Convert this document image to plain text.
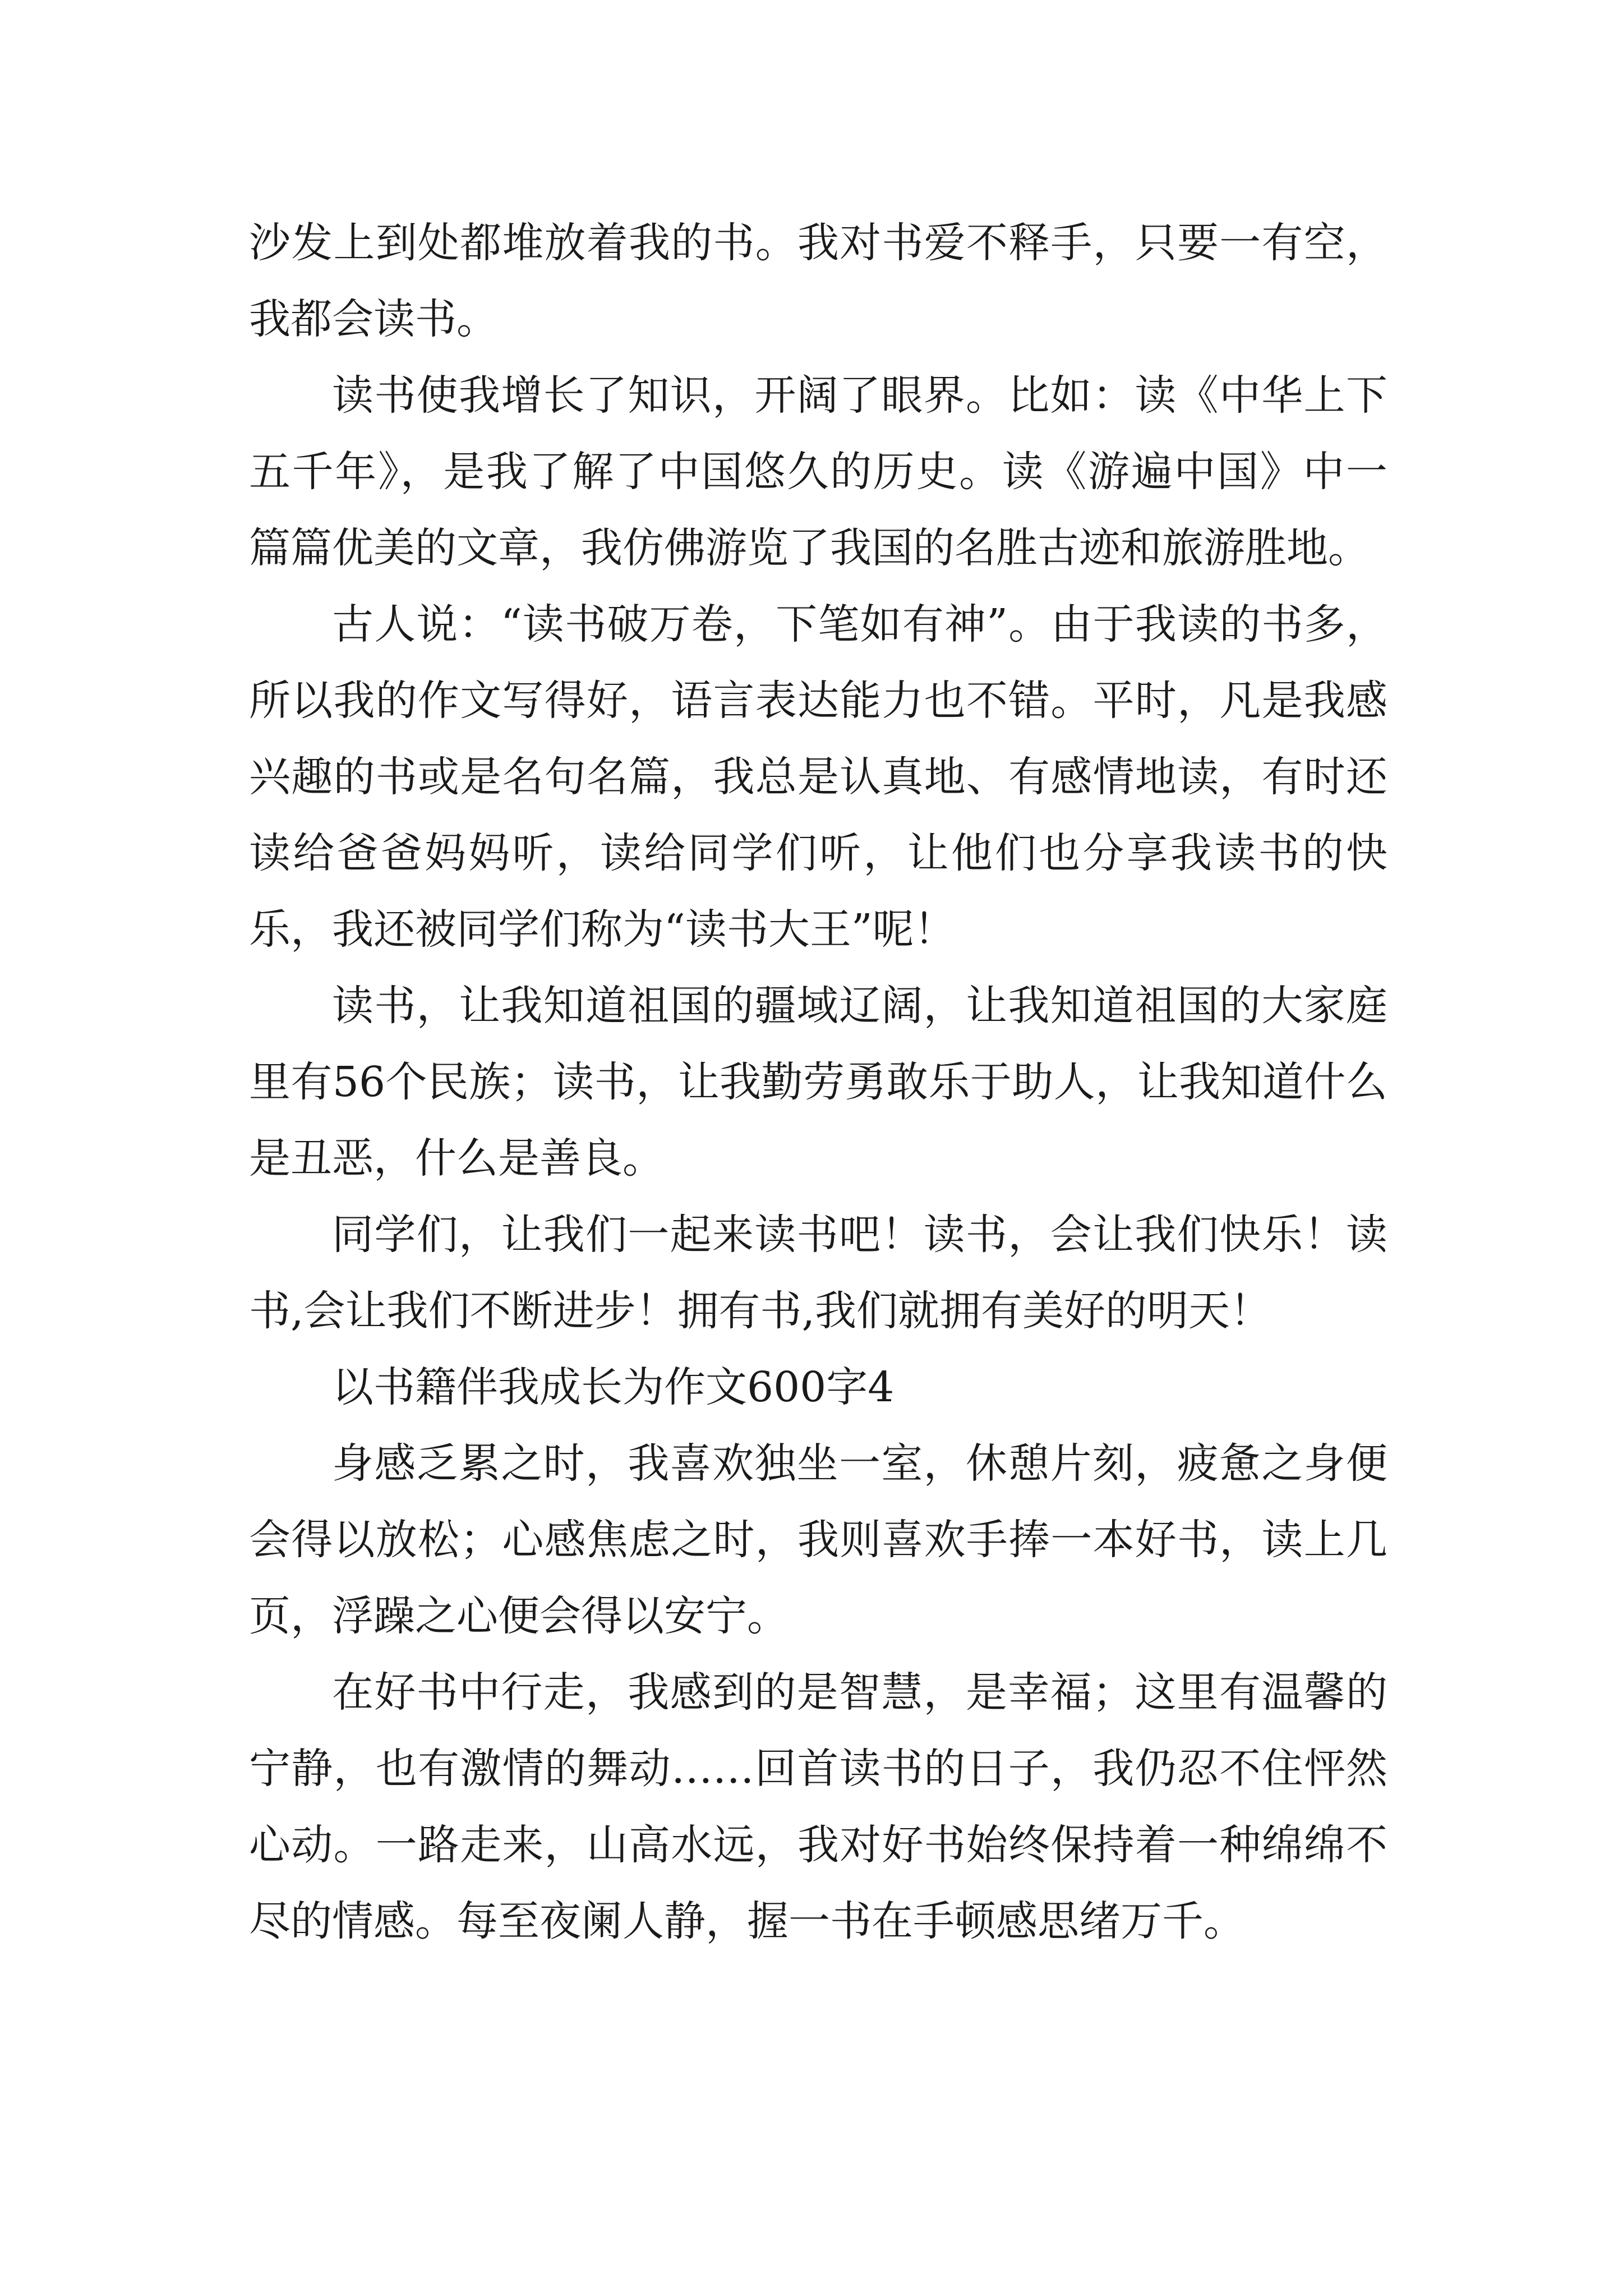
沙发上到处都堆放着我的书。我对书爱不释手，只要一有空，我都会读书。

读书使我增长了知识，开阔了眼界。比如：读《中华上下五千年》，是我了解了中国悠久的历史。读《游遍中国》中一篇篇优美的文章，我仿佛游览了我国的名胜古迹和旅游胜地。

古人说：“读书破万卷，下笔如有神”。由于我读的书多，所以我的作文写得好，语言表达能力也不错。平时，凡是我感兴趣的书或是名句名篇，我总是认真地、有感情地读，有时还读给爸爸妈妈听，读给同学们听，让他们也分享我读书的快乐，我还被同学们称为“读书大王”呢！

读书，让我知道祖国的疆域辽阔，让我知道祖国的大家庭里有56个民族；读书，让我勤劳勇敢乐于助人，让我知道什么是丑恶，什么是善良。

同学们，让我们一起来读书吧！读书，会让我们快乐！读书,会让我们不断进步！拥有书,我们就拥有美好的明天！

以书籍伴我成长为作文600字4

身感乏累之时，我喜欢独坐一室，休憩片刻，疲惫之身便会得以放松；心感焦虑之时，我则喜欢手捧一本好书，读上几页，浮躁之心便会得以安宁。

在好书中行走，我感到的是智慧，是幸福；这里有温馨的宁静，也有激情的舞动……回首读书的日子，我仍忍不住怦然心动。一路走来，山高水远，我对好书始终保持着一种绵绵不尽的情感。每至夜阑人静，握一书在手顿感思绪万千。
